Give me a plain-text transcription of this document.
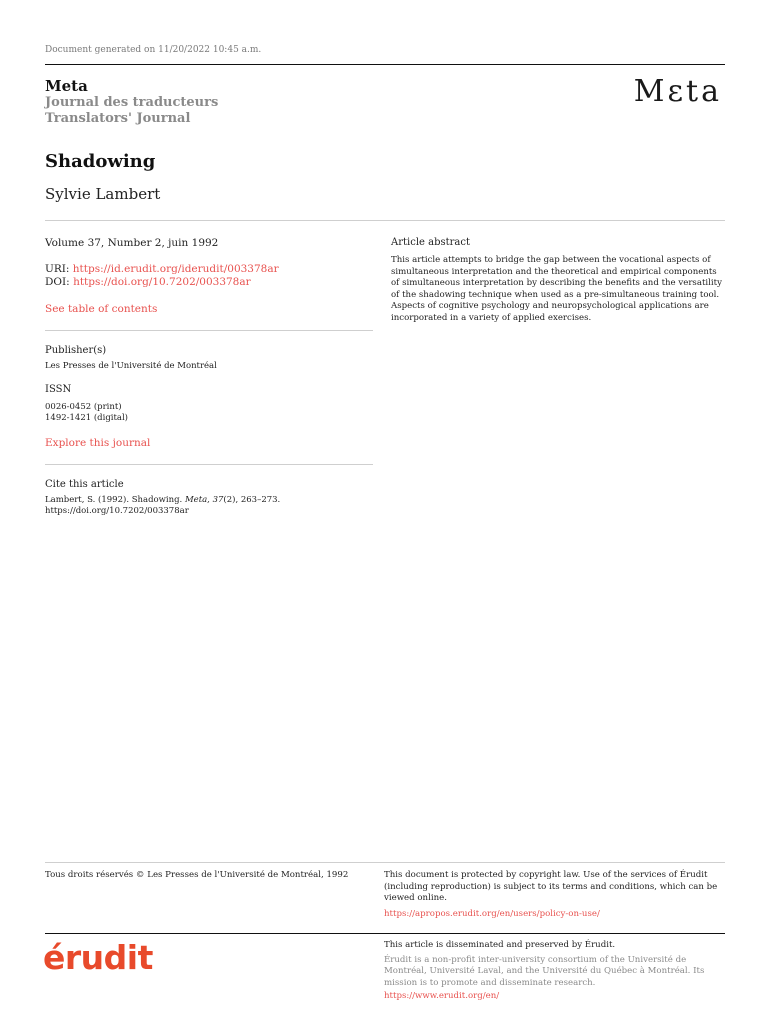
Document generated on 11/20/2022 10:45 a.m.
Meta
Journal des traducteurs
Translators' Journal
Mεta
Shadowing
Sylvie Lambert
Volume 37, Number 2, juin 1992
URI: https://id.erudit.org/iderudit/003378ar
DOI: https://doi.org/10.7202/003378ar
See table of contents
Publisher(s)
Les Presses de l'Université de Montréal
ISSN
0026-0452 (print)
1492-1421 (digital)
Explore this journal
Cite this article
Lambert, S. (1992). Shadowing. Meta, 37(2), 263–273.
https://doi.org/10.7202/003378ar
Article abstract
This article attempts to bridge the gap between the vocational aspects of simultaneous interpretation and the theoretical and empirical components of simultaneous interpretation by describing the benefits and the versatility of the shadowing technique when used as a pre-simultaneous training tool. Aspects of cognitive psychology and neuropsychological applications are incorporated in a variety of applied exercises.
Tous droits réservés © Les Presses de l'Université de Montréal, 1992	This document is protected by copyright law. Use of the services of Érudit (including reproduction) is subject to its terms and conditions, which can be viewed online.
https://apropos.erudit.org/en/users/policy-on-use/
érudit	This article is disseminated and preserved by Érudit.
Érudit is a non-profit inter-university consortium of the Université de Montréal, Université Laval, and the Université du Québec à Montréal. Its mission is to promote and disseminate research.
https://www.erudit.org/en/
